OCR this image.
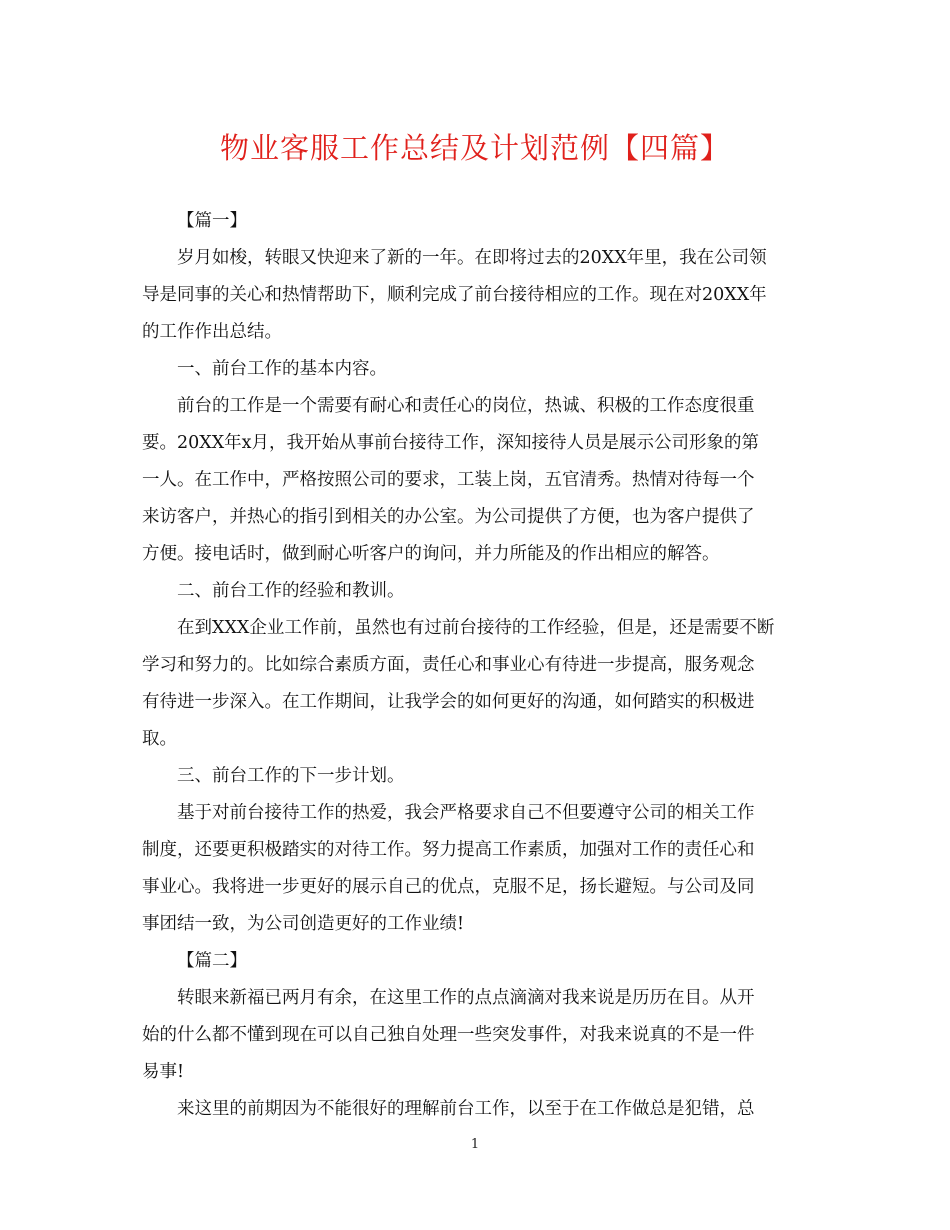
物业客服工作总结及计划范例【四篇】

【篇一】

岁月如梭，转眼又快迎来了新的一年。在即将过去的20XX年里，我在公司领

导是同事的关心和热情帮助下，顺利完成了前台接待相应的工作。现在对20XX年

的工作作出总结。

一、前台工作的基本内容。

前台的工作是一个需要有耐心和责任心的岗位，热诚、积极的工作态度很重

要。20XX年x月，我开始从事前台接待工作，深知接待人员是展示公司形象的第

一人。在工作中，严格按照公司的要求，工装上岗，五官清秀。热情对待每一个

来访客户，并热心的指引到相关的办公室。为公司提供了方便，也为客户提供了

方便。接电话时，做到耐心听客户的询问，并力所能及的作出相应的解答。

二、前台工作的经验和教训。

在到XXX企业工作前，虽然也有过前台接待的工作经验，但是，还是需要不断

学习和努力的。比如综合素质方面，责任心和事业心有待进一步提高，服务观念

有待进一步深入。在工作期间，让我学会的如何更好的沟通，如何踏实的积极进

取。

三、前台工作的下一步计划。

基于对前台接待工作的热爱，我会严格要求自己不但要遵守公司的相关工作

制度，还要更积极踏实的对待工作。努力提高工作素质，加强对工作的责任心和

事业心。我将进一步更好的展示自己的优点，克服不足，扬长避短。与公司及同

事团结一致，为公司创造更好的工作业绩!

【篇二】

转眼来新福已两月有余，在这里工作的点点滴滴对我来说是历历在目。从开

始的什么都不懂到现在可以自己独自处理一些突发事件，对我来说真的不是一件

易事!

来这里的前期因为不能很好的理解前台工作，以至于在工作做总是犯错，总

1
